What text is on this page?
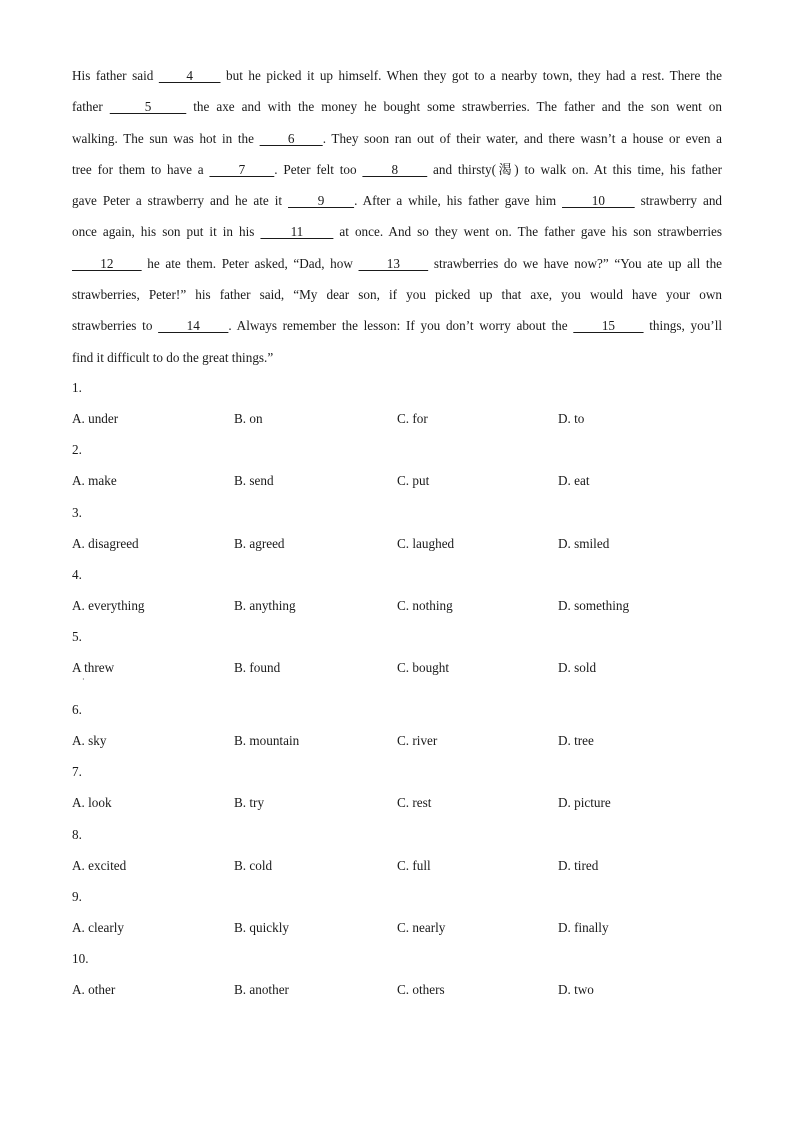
His father said      4      but he picked it up himself. When they got to a nearby town, they had a rest. There the
father      5      the axe and with the money he bought some strawberries. The father and the son went on
walking. The sun was hot in the      6     . They soon ran out of their water, and there wasn’t a house or even a
tree for them to have a      7     . Peter felt too      8      and thirsty(渴) to walk on. At this time, his father
gave Peter a strawberry and he ate it      9     . After a while, his father gave him      10      strawberry and
once again, his son put it in his      11      at once. And so they went on. The father gave his son strawberries
12      he ate them. Peter asked, “Dad, how      13      strawberries do we have now?” “You ate up all the
strawberries, Peter!” his father said, “My dear son, if you picked up that axe, you would have your own
strawberries to      14     . Always remember the lesson: If you don’t worry about the      15      things, you’ll
find it difficult to do the great things.”
1.
A. under	B. on	C. for	D. to
2.
A. make	B. send	C. put	D. eat
3.
A. disagreed	B. agreed	C. laughed	D. smiled
4.
A. everything	B. anything	C. nothing	D. something
5.
A threw
·
B. found	C. bought	D. sold
6.
A. sky	B. mountain	C. river	D. tree
7.
A. look	B. try	C. rest	D. picture
8.
A. excited	B. cold	C. full	D. tired
9.
A. clearly	B. quickly	C. nearly	D. finally
10.
A. other	B. another	C. others	D. two
